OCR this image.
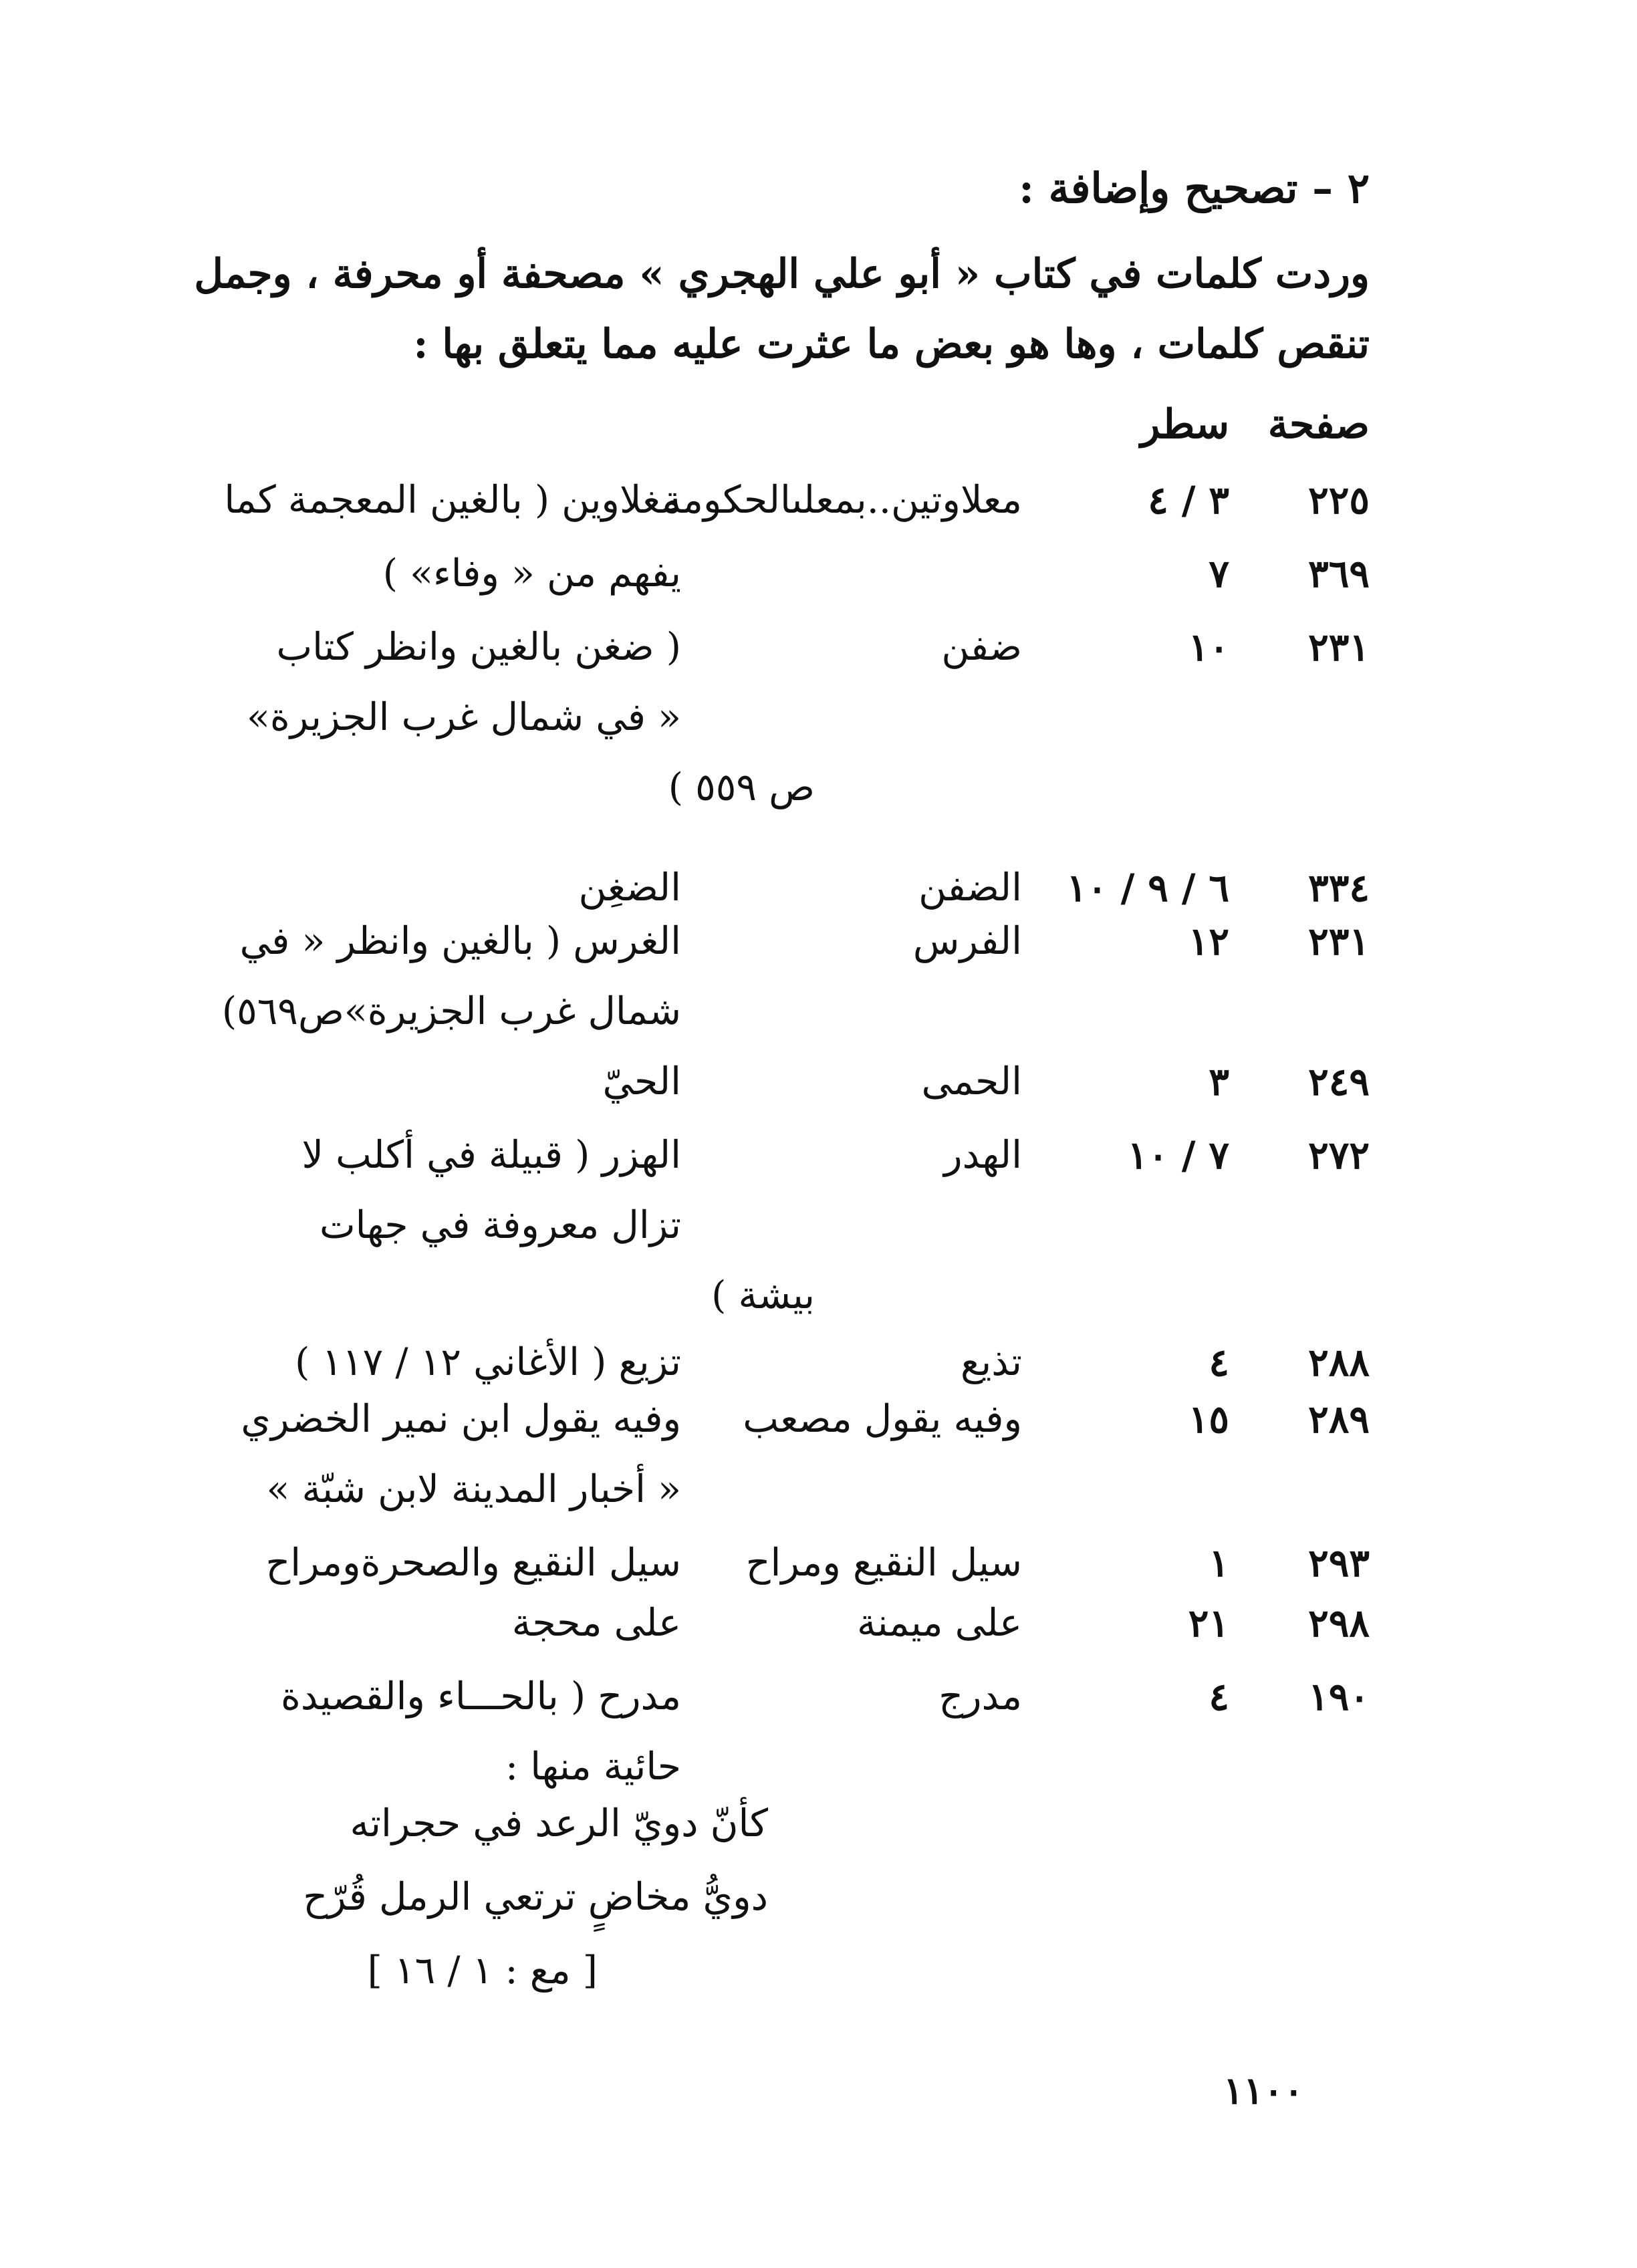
٢ – تصحيح وإضافة :
وردت كلمات في كتاب « أبو علي الهجري » مصحفة أو محرفة ، وجمل
تنقص كلمات ، وها هو بعض ما عثرت عليه مما يتعلق بها :
صفحة
سطر
٢٢٥
٣ / ٤
معلاوتين..بمعلىالحكومة
مغلاوين ( بالغين المعجمة كما
٣٦٩
٧
يفهم من « وفاء» )
٢٣١
١٠
ضفن
( ضغن بالغين وانظر كتاب
« في شمال غرب الجزيرة»
ص ٥٥٩ )
٣٣٤
٦ / ٩ / ١٠
الضفن
الضغِن
٢٣١
١٢
الفرس
الغرس ( بالغين وانظر « في
شمال غرب الجزيرة»ص٥٦٩)
٢٤٩
٣
الحمى
الحيّ
٢٧٢
٧ / ١٠
الهدر
الهزر ( قبيلة في أكلب لا
تزال معروفة في جهات
بيشة )
٢٨٨
٤
تذيع
تزيع ( الأغاني ١٢ / ١١٧ )
٢٨٩
١٥
وفيه يقول مصعب
وفيه يقول ابن نمير الخضري
« أخبار المدينة لابن شبّة »
٢٩٣
١
سيل النقيع ومراح
سيل النقيع والصحرةومراح
٢٩٨
٢١
على ميمنة
على محجة
١٩٠
٤
مدرج
مدرح ( بالحـــاء والقصيدة
حائية منها :
كأنّ دويّ الرعد في حجراته
دويُّ مخاضٍ ترتعي الرمل قُرّح
[ مع : ١ / ١٦ ]
١١٠٠
